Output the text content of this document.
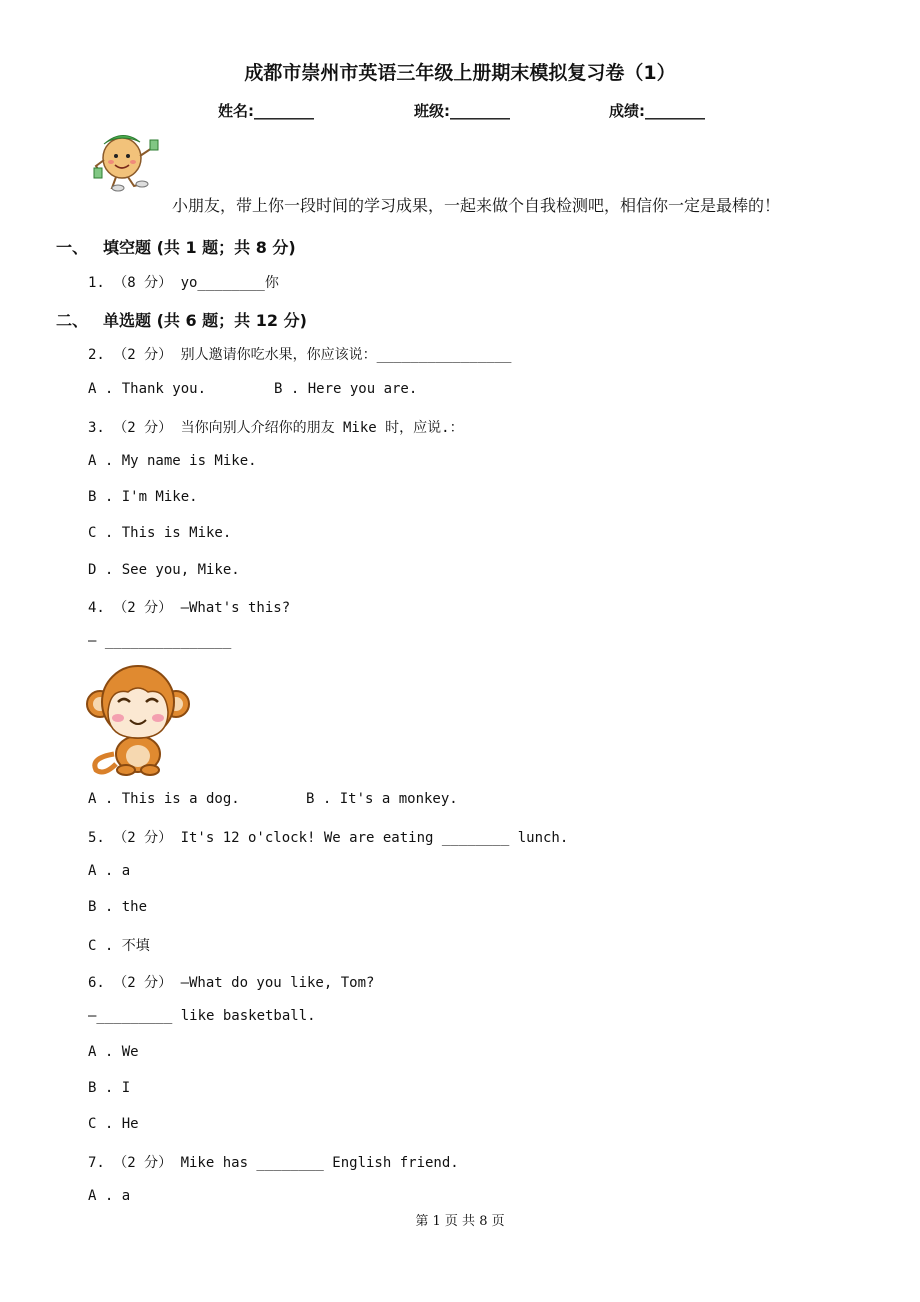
成都市崇州市英语三年级上册期末模拟复习卷（1）
姓名:________	班级:________	成绩:________
小朋友，带上你一段时间的学习成果，一起来做个自我检测吧，相信你一定是最棒的！
一、 填空题 (共 1 题；共 8 分)
1. （8 分） yo________你
二、 单选题 (共 6 题；共 12 分)
2. （2 分） 别人邀请你吃水果，你应该说：________________
A . Thank you.	B . Here you are.
3. （2 分） 当你向别人介绍你的朋友 Mike 时，应说.：
A . My name is Mike.
B . I'm Mike.
C . This is Mike.
D . See you, Mike.
4. （2 分） —What's this?
— _______________
A . This is a dog.	B . It's a monkey.
5. （2 分） It's 12 o'clock! We are eating ________ lunch.
A . a
B . the
C . 不填
6. （2 分） —What do you like, Tom?
—_________ like basketball.
A . We
B . I
C . He
7. （2 分） Mike has ________ English friend.
A . a
第 1 页 共 8 页
